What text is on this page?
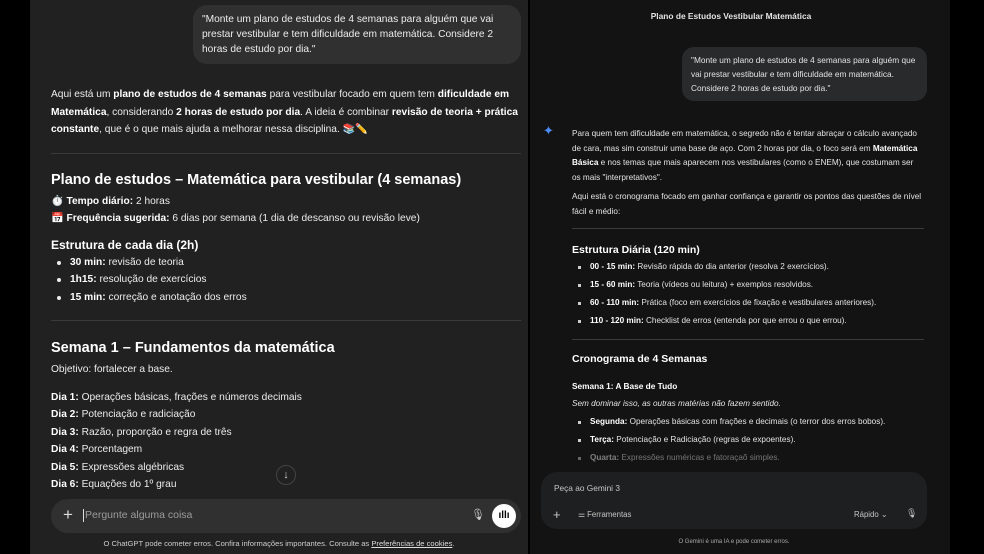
"Monte um plano de estudos de 4 semanas para alguém que vai prestar vestibular e tem dificuldade em matemática. Considere 2 horas de estudo por dia."
Aqui está um plano de estudos de 4 semanas para vestibular focado em quem tem dificuldade em Matemática, considerando 2 horas de estudo por dia. A ideia é combinar revisão de teoria + prática constante, que é o que mais ajuda a melhorar nessa disciplina. 📚✏️
Plano de estudos – Matemática para vestibular (4 semanas)
⏱️ Tempo diário: 2 horas
📅 Frequência sugerida: 6 dias por semana (1 dia de descanso ou revisão leve)
Estrutura de cada dia (2h)
30 min: revisão de teoria
1h15: resolução de exercícios
15 min: correção e anotação dos erros
Semana 1 – Fundamentos da matemática
Objetivo: fortalecer a base.
Dia 1: Operações básicas, frações e números decimais
Dia 2: Potenciação e radiciação
Dia 3: Razão, proporção e regra de três
Dia 4: Porcentagem
Dia 5: Expressões algébricas
Dia 6: Equações do 1º grau
↓
+ Pergunte alguma coisa	🎙	ıllı
O ChatGPT pode cometer erros. Confira informações importantes. Consulte as Preferências de cookies.
Plano de Estudos Vestibular Matemática
"Monte um plano de estudos de 4 semanas para alguém que vai prestar vestibular e tem dificuldade em matemática. Considere 2 horas de estudo por dia."
✦ Para quem tem dificuldade em matemática, o segredo não é tentar abraçar o cálculo avançado de cara, mas sim construir uma base de aço. Com 2 horas por dia, o foco será em Matemática Básica e nos temas que mais aparecem nos vestibulares (como o ENEM), que costumam ser os mais "interpretativos".

Aqui está o cronograma focado em ganhar confiança e garantir os pontos das questões de nível fácil e médio:

Estrutura Diária (120 min)
00 - 15 min: Revisão rápida do dia anterior (resolva 2 exercícios).
15 - 60 min: Teoria (vídeos ou leitura) + exemplos resolvidos.
60 - 110 min: Prática (foco em exercícios de fixação e vestibulares anteriores).
110 - 120 min: Checklist de erros (entenda por que errou o que errou).
Cronograma de 4 Semanas
Semana 1: A Base de Tudo
Sem dominar isso, as outras matérias não fazem sentido.
Segunda: Operações básicas com frações e decimais (o terror dos erros bobos).
Terça: Potenciação e Radiciação (regras de expoentes).
Quarta: Expressões numéricas e fatoraçaõ simples.
Peça ao Gemini 3
+ ⚌ Ferramentas	Rápido ⌄ 🎙
O Gemini é uma IA e pode cometer erros.
